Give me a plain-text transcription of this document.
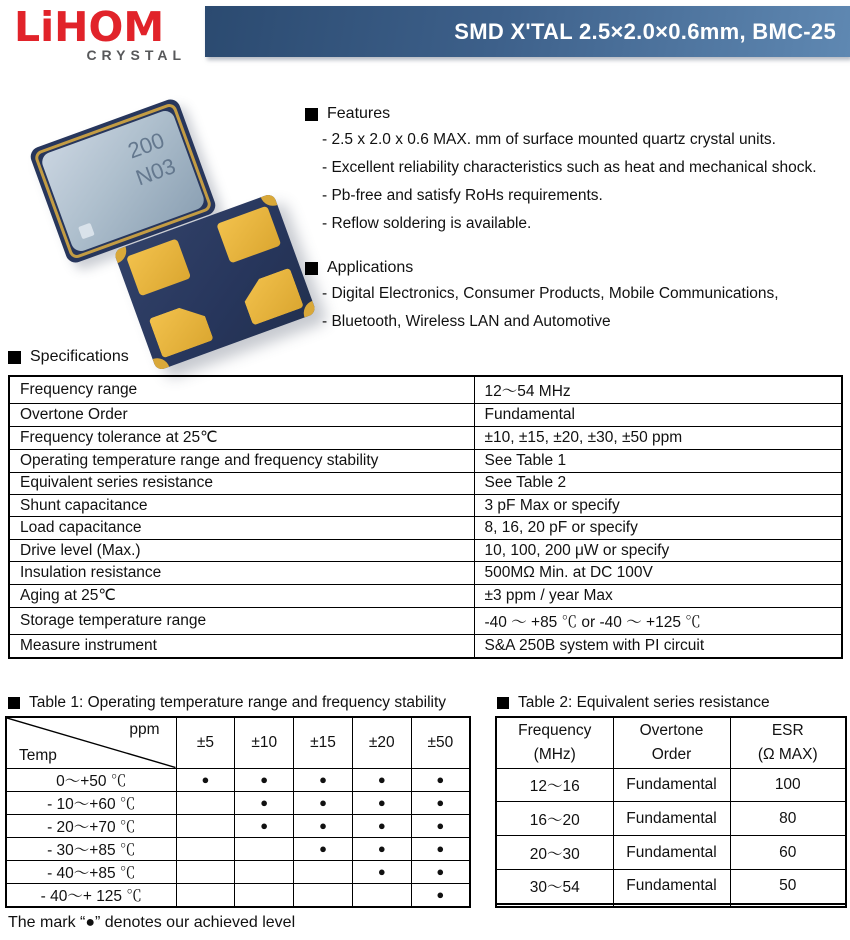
LiHOM
CRYSTAL
SMD X'TAL 2.5×2.0×0.6mm, BMC-25
200
N03
Features
- 2.5 x 2.0 x 0.6 MAX. mm of surface mounted quartz crystal units.
- Excellent reliability characteristics such as heat and mechanical shock.
- Pb-free and satisfy RoHs requirements.
- Reflow soldering is available.
Applications
- Digital Electronics, Consumer Products, Mobile Communications,
- Bluetooth, Wireless LAN and Automotive
Specifications
Frequency range	12～54 MHz
Overtone Order	Fundamental
Frequency tolerance at 25℃	±10, ±15, ±20, ±30, ±50 ppm
Operating temperature range and frequency stability	See Table 1
Equivalent series resistance	See Table 2
Shunt capacitance	3 pF Max or specify
Load capacitance	8, 16, 20 pF or specify
Drive level (Max.)	10, 100, 200 μW or specify
Insulation resistance	500MΩ Min. at DC 100V
Aging at 25℃	±3 ppm / year Max
Storage temperature range	-40 ～ +85 ℃ or -40 ～ +125 ℃
Measure instrument	S&A 250B system with PI circuit
Table 1: Operating temperature range and frequency stability
ppm
Temp	±5	±10	±15	±20	±50
0～+50 ℃	●	●	●	●	●
- 10～+60 ℃		●	●	●	●
- 20～+70 ℃		●	●	●	●
- 30～+85 ℃			●	●	●
- 40～+85 ℃				●	●
- 40～+ 125 ℃					●
Table 2: Equivalent series resistance
Frequency
(MHz)

Overtone
Order

ESR
(Ω MAX)

12～16	Fundamental	100
16～20	Fundamental	80
20～30	Fundamental	60
30～54	Fundamental	50

The mark “●” denotes our achieved level
